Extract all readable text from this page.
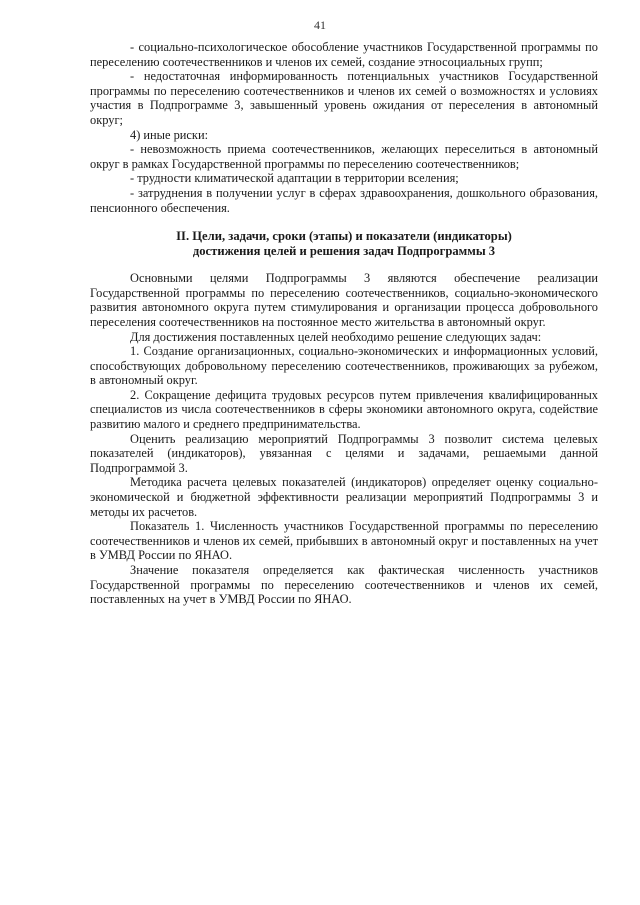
41

- социально-психологическое обособление участников Государственной программы по переселению соотечественников и членов их семей, создание этносоциальных групп;

- недостаточная информированность потенциальных участников Государственной программы по переселению соотечественников и членов их семей о возможностях и условиях участия в Подпрограмме 3, завышенный уровень ожидания от переселения в автономный округ;

4) иные риски:

- невозможность приема соотечественников, желающих переселиться в автономный округ в рамках Государственной программы по переселению соотечественников;

- трудности климатической адаптации в территории вселения;

- затруднения в получении услуг в сферах здравоохранения, дошкольного образования, пенсионного обеспечения.

II. Цели, задачи, сроки (этапы) и показатели (индикаторы)
достижения целей и решения задач Подпрограммы 3

Основными целями Подпрограммы 3 являются обеспечение реализации Государственной программы по переселению соотечественников, социально-экономического развития автономного округа путем стимулирования и организации процесса добровольного переселения соотечественников на постоянное место жительства в автономный округ.

Для достижения поставленных целей необходимо решение следующих задач:

1. Создание организационных, социально-экономических и информационных условий, способствующих добровольному переселению соотечественников, проживающих за рубежом, в автономный округ.

2. Сокращение дефицита трудовых ресурсов путем привлечения квалифицированных специалистов из числа соотечественников в сферы экономики автономного округа, содействие развитию малого и среднего предпринимательства.

Оценить реализацию мероприятий Подпрограммы 3 позволит система целевых показателей (индикаторов), увязанная с целями и задачами, решаемыми данной Подпрограммой 3.

Методика расчета целевых показателей (индикаторов) определяет оценку социально-экономической и бюджетной эффективности реализации мероприятий Подпрограммы 3 и методы их расчетов.

Показатель 1. Численность участников Государственной программы по переселению соотечественников и членов их семей, прибывших в автономный округ и поставленных на учет в УМВД России по ЯНАО.

Значение показателя определяется как фактическая численность участников Государственной программы по переселению соотечественников и членов их семей, поставленных на учет в УМВД России по ЯНАО.
